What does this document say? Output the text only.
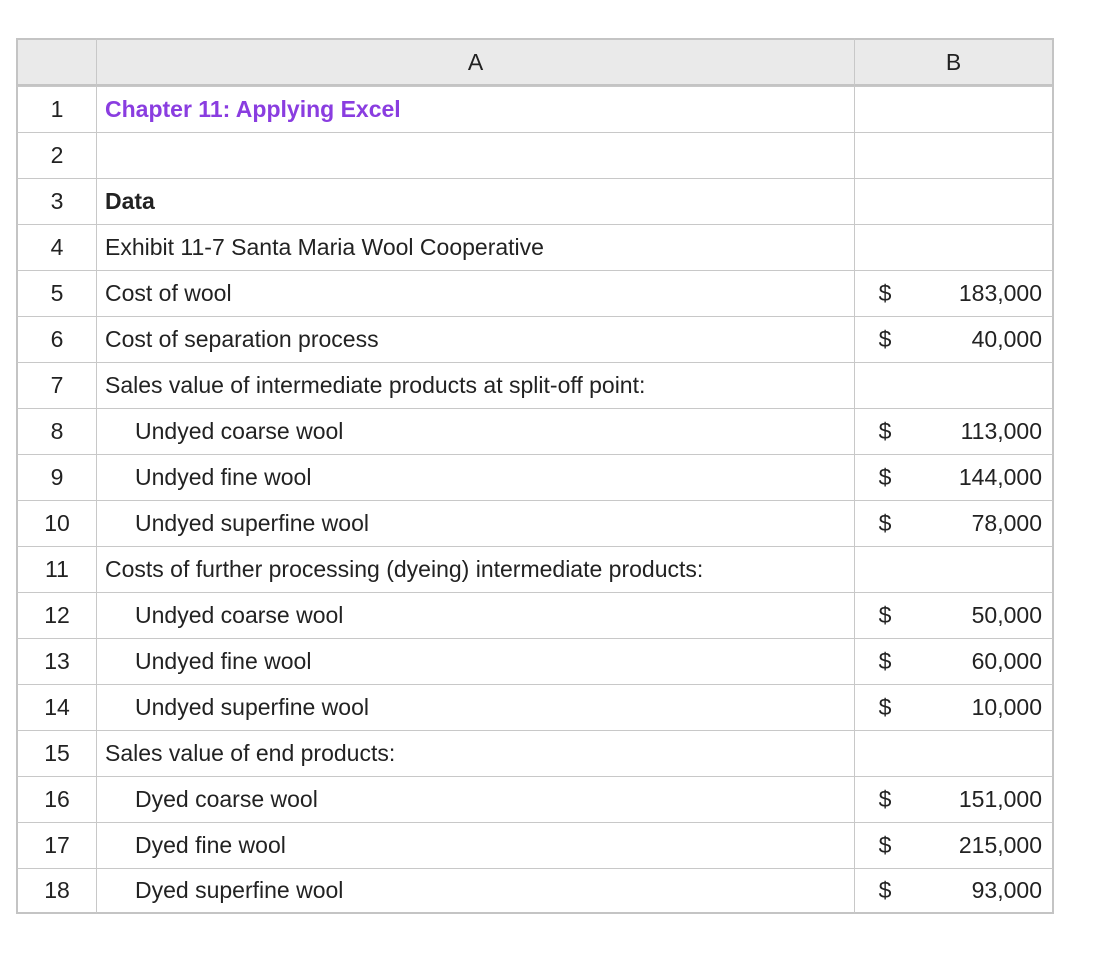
A	B
1	Chapter 11: Applying Excel
2
3	Data
4	Exhibit 11-7 Santa Maria Wool Cooperative
5	Cost of wool	$	183,000
6	Cost of separation process	$	40,000
7	Sales value of intermediate products at split-off point:
8	Undyed coarse wool	$	113,000
9	Undyed fine wool	$	144,000
10	Undyed superfine wool	$	78,000
11	Costs of further processing (dyeing) intermediate products:
12	Undyed coarse wool	$	50,000
13	Undyed fine wool	$	60,000
14	Undyed superfine wool	$	10,000
15	Sales value of end products:
16	Dyed coarse wool	$	151,000
17	Dyed fine wool	$	215,000
18	Dyed superfine wool	$	93,000
